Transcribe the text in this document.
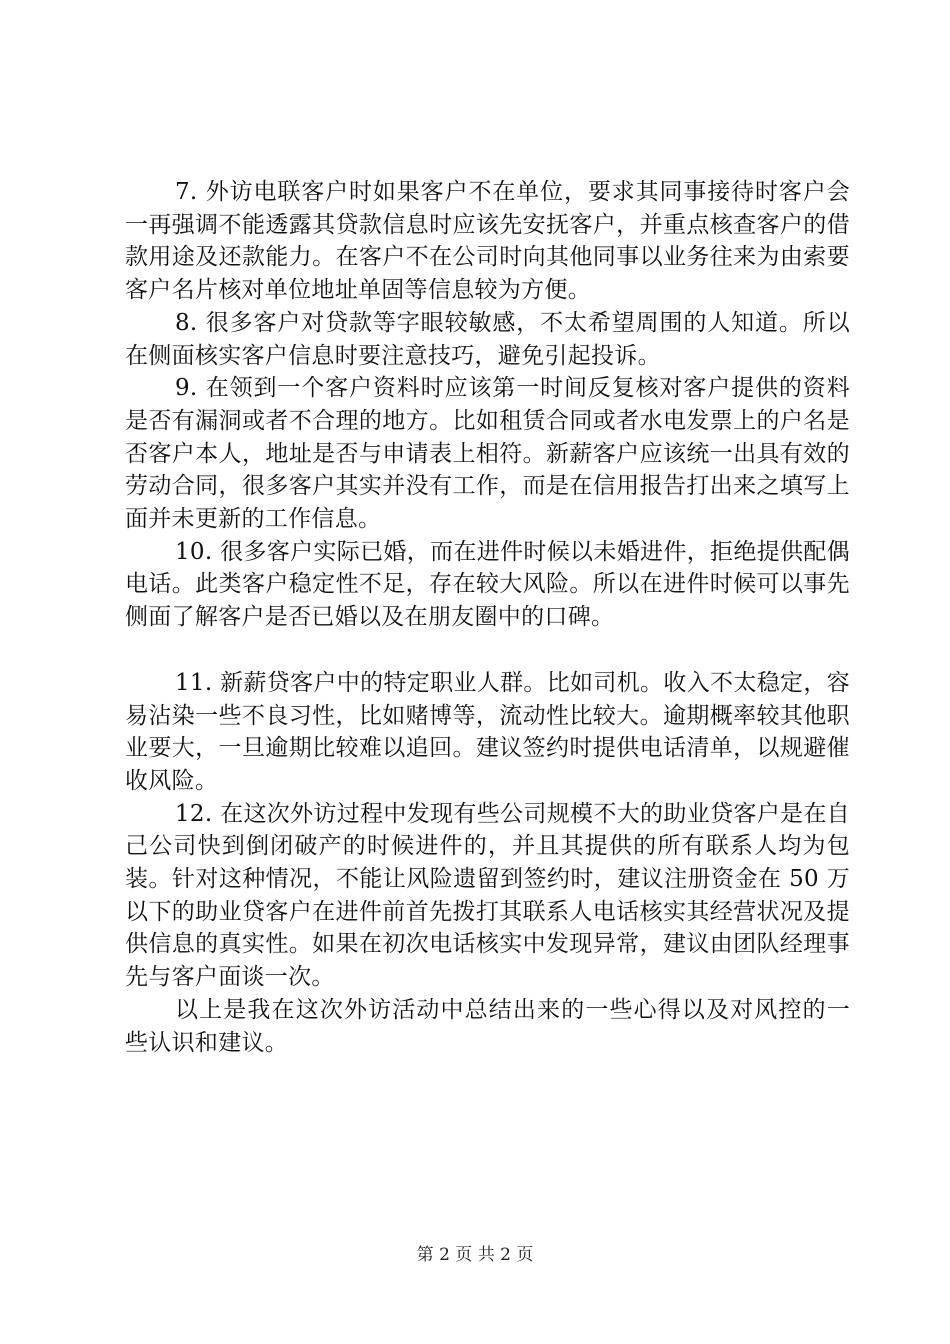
7. 外访电联客户时如果客户不在单位，要求其同事接待时客户会一再强调不能透露其贷款信息时应该先安抚客户，并重点核查客户的借款用途及还款能力。在客户不在公司时向其他同事以业务往来为由索要客户名片核对单位地址单固等信息较为方便。

8. 很多客户对贷款等字眼较敏感，不太希望周围的人知道。所以在侧面核实客户信息时要注意技巧，避免引起投诉。

9. 在领到一个客户资料时应该第一时间反复核对客户提供的资料是否有漏洞或者不合理的地方。比如租赁合同或者水电发票上的户名是否客户本人，地址是否与申请表上相符。新薪客户应该统一出具有效的劳动合同，很多客户其实并没有工作，而是在信用报告打出来之填写上面并未更新的工作信息。

10. 很多客户实际已婚，而在进件时候以未婚进件，拒绝提供配偶电话。此类客户稳定性不足，存在较大风险。所以在进件时候可以事先侧面了解客户是否已婚以及在朋友圈中的口碑。

11. 新薪贷客户中的特定职业人群。比如司机。收入不太稳定，容易沾染一些不良习性，比如赌博等，流动性比较大。逾期概率较其他职业要大，一旦逾期比较难以追回。建议签约时提供电话清单，以规避催收风险。

12. 在这次外访过程中发现有些公司规模不大的助业贷客户是在自己公司快到倒闭破产的时候进件的，并且其提供的所有联系人均为包装。针对这种情况，不能让风险遗留到签约时，建议注册资金在 50 万以下的助业贷客户在进件前首先拨打其联系人电话核实其经营状况及提供信息的真实性。如果在初次电话核实中发现异常，建议由团队经理事先与客户面谈一次。

以上是我在这次外访活动中总结出来的一些心得以及对风控的一些认识和建议。

第 2 页 共 2 页
